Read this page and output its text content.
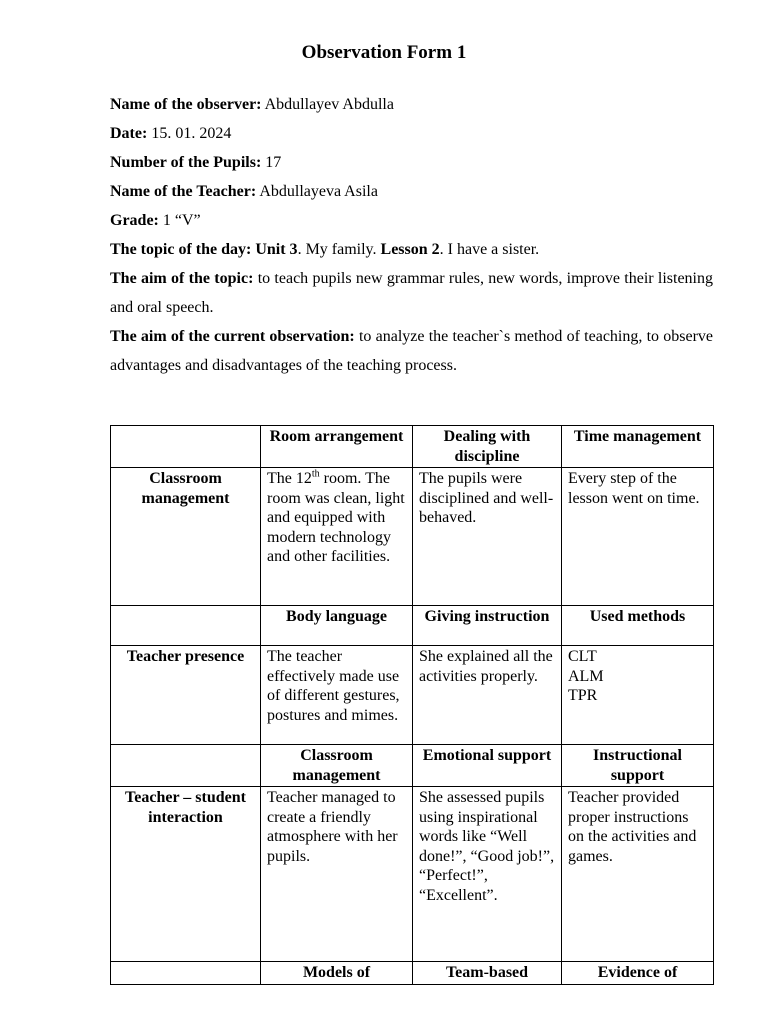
Observation Form 1

Name of the observer: Abdullayev Abdulla

Date: 15. 01. 2024

Number of the Pupils: 17

Name of the Teacher: Abdullayeva Asila

Grade: 1 “V”

The topic of the day: Unit 3. My family. Lesson 2. I have a sister.

The aim of the topic: to teach pupils new grammar rules, new words, improve their listening and oral speech.

The aim of the current observation: to analyze the teacher`s method of teaching, to observe advantages and disadvantages of the teaching process.

	Room arrangement	Dealing with discipline	Time management
Classroom management	The 12th room. The room was clean, light and equipped with modern technology and other facilities.	The pupils were disciplined and well-behaved.	Every step of the lesson went on time.
	Body language	Giving instruction	Used methods
Teacher presence	The teacher effectively made use of different gestures, postures and mimes.	She explained all the activities properly.	CLT
ALM
TPR

	Classroom management	Emotional support	Instructional support
Teacher – student interaction	Teacher managed to create a friendly atmosphere with her pupils.	She assessed pupils using inspirational words like “Well done!”, “Good job!”, “Perfect!”, “Excellent”.	Teacher provided proper instructions on the activities and games.
	Models of	Team-based	Evidence of
